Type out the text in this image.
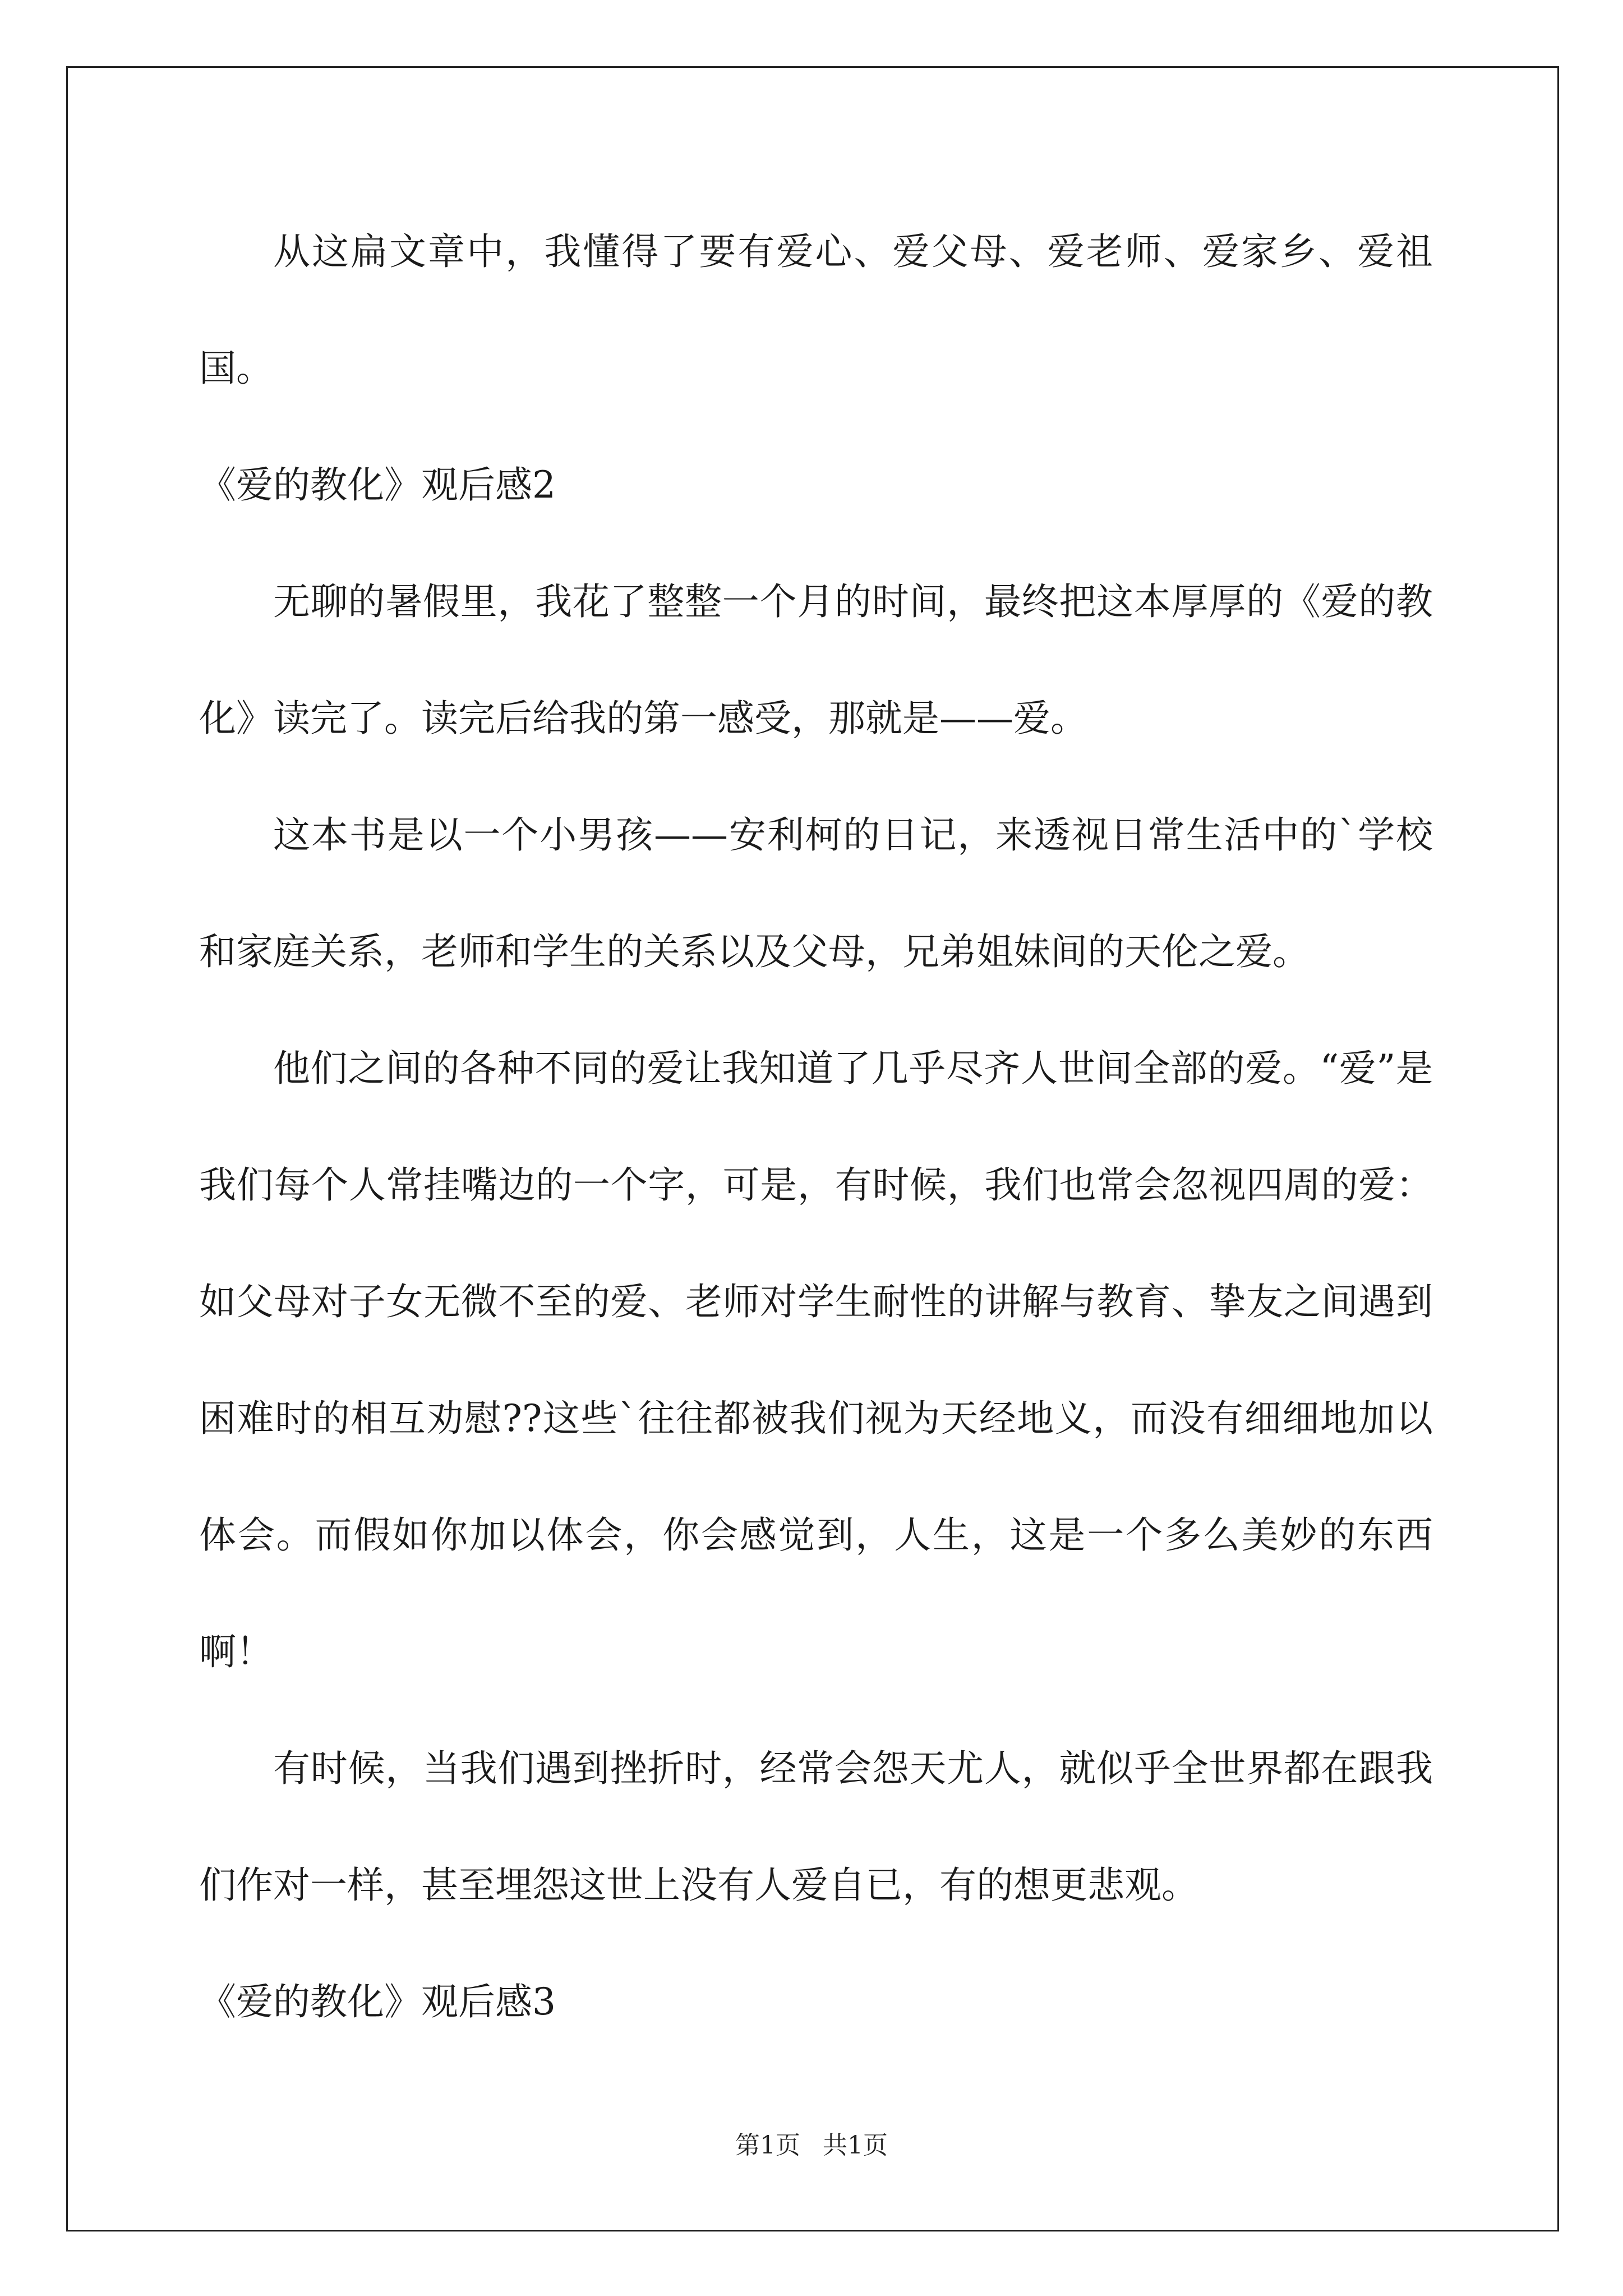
从这扁文章中，我懂得了要有爱心、爱父母、爱老师、爱家乡、爱祖国。

《爱的教化》观后感2

无聊的暑假里，我花了整整一个月的时间，最终把这本厚厚的《爱的教化》读完了。读完后给我的第一感受，那就是——爱。

这本书是以一个小男孩——安利柯的日记，来透视日常生活中的`学校和家庭关系，老师和学生的关系以及父母，兄弟姐妹间的天伦之爱。

他们之间的各种不同的爱让我知道了几乎尽齐人世间全部的爱。“爱”是我们每个人常挂嘴边的一个字，可是，有时候，我们也常会忽视四周的爱：如父母对子女无微不至的爱、老师对学生耐性的讲解与教育、挚友之间遇到困难时的相互劝慰??这些`往往都被我们视为天经地义，而没有细细地加以体会。而假如你加以体会，你会感觉到，人生，这是一个多么美妙的东西啊！

有时候，当我们遇到挫折时，经常会怨天尤人，就似乎全世界都在跟我们作对一样，甚至埋怨这世上没有人爱自已，有的想更悲观。

《爱的教化》观后感3

第1页 共1页
